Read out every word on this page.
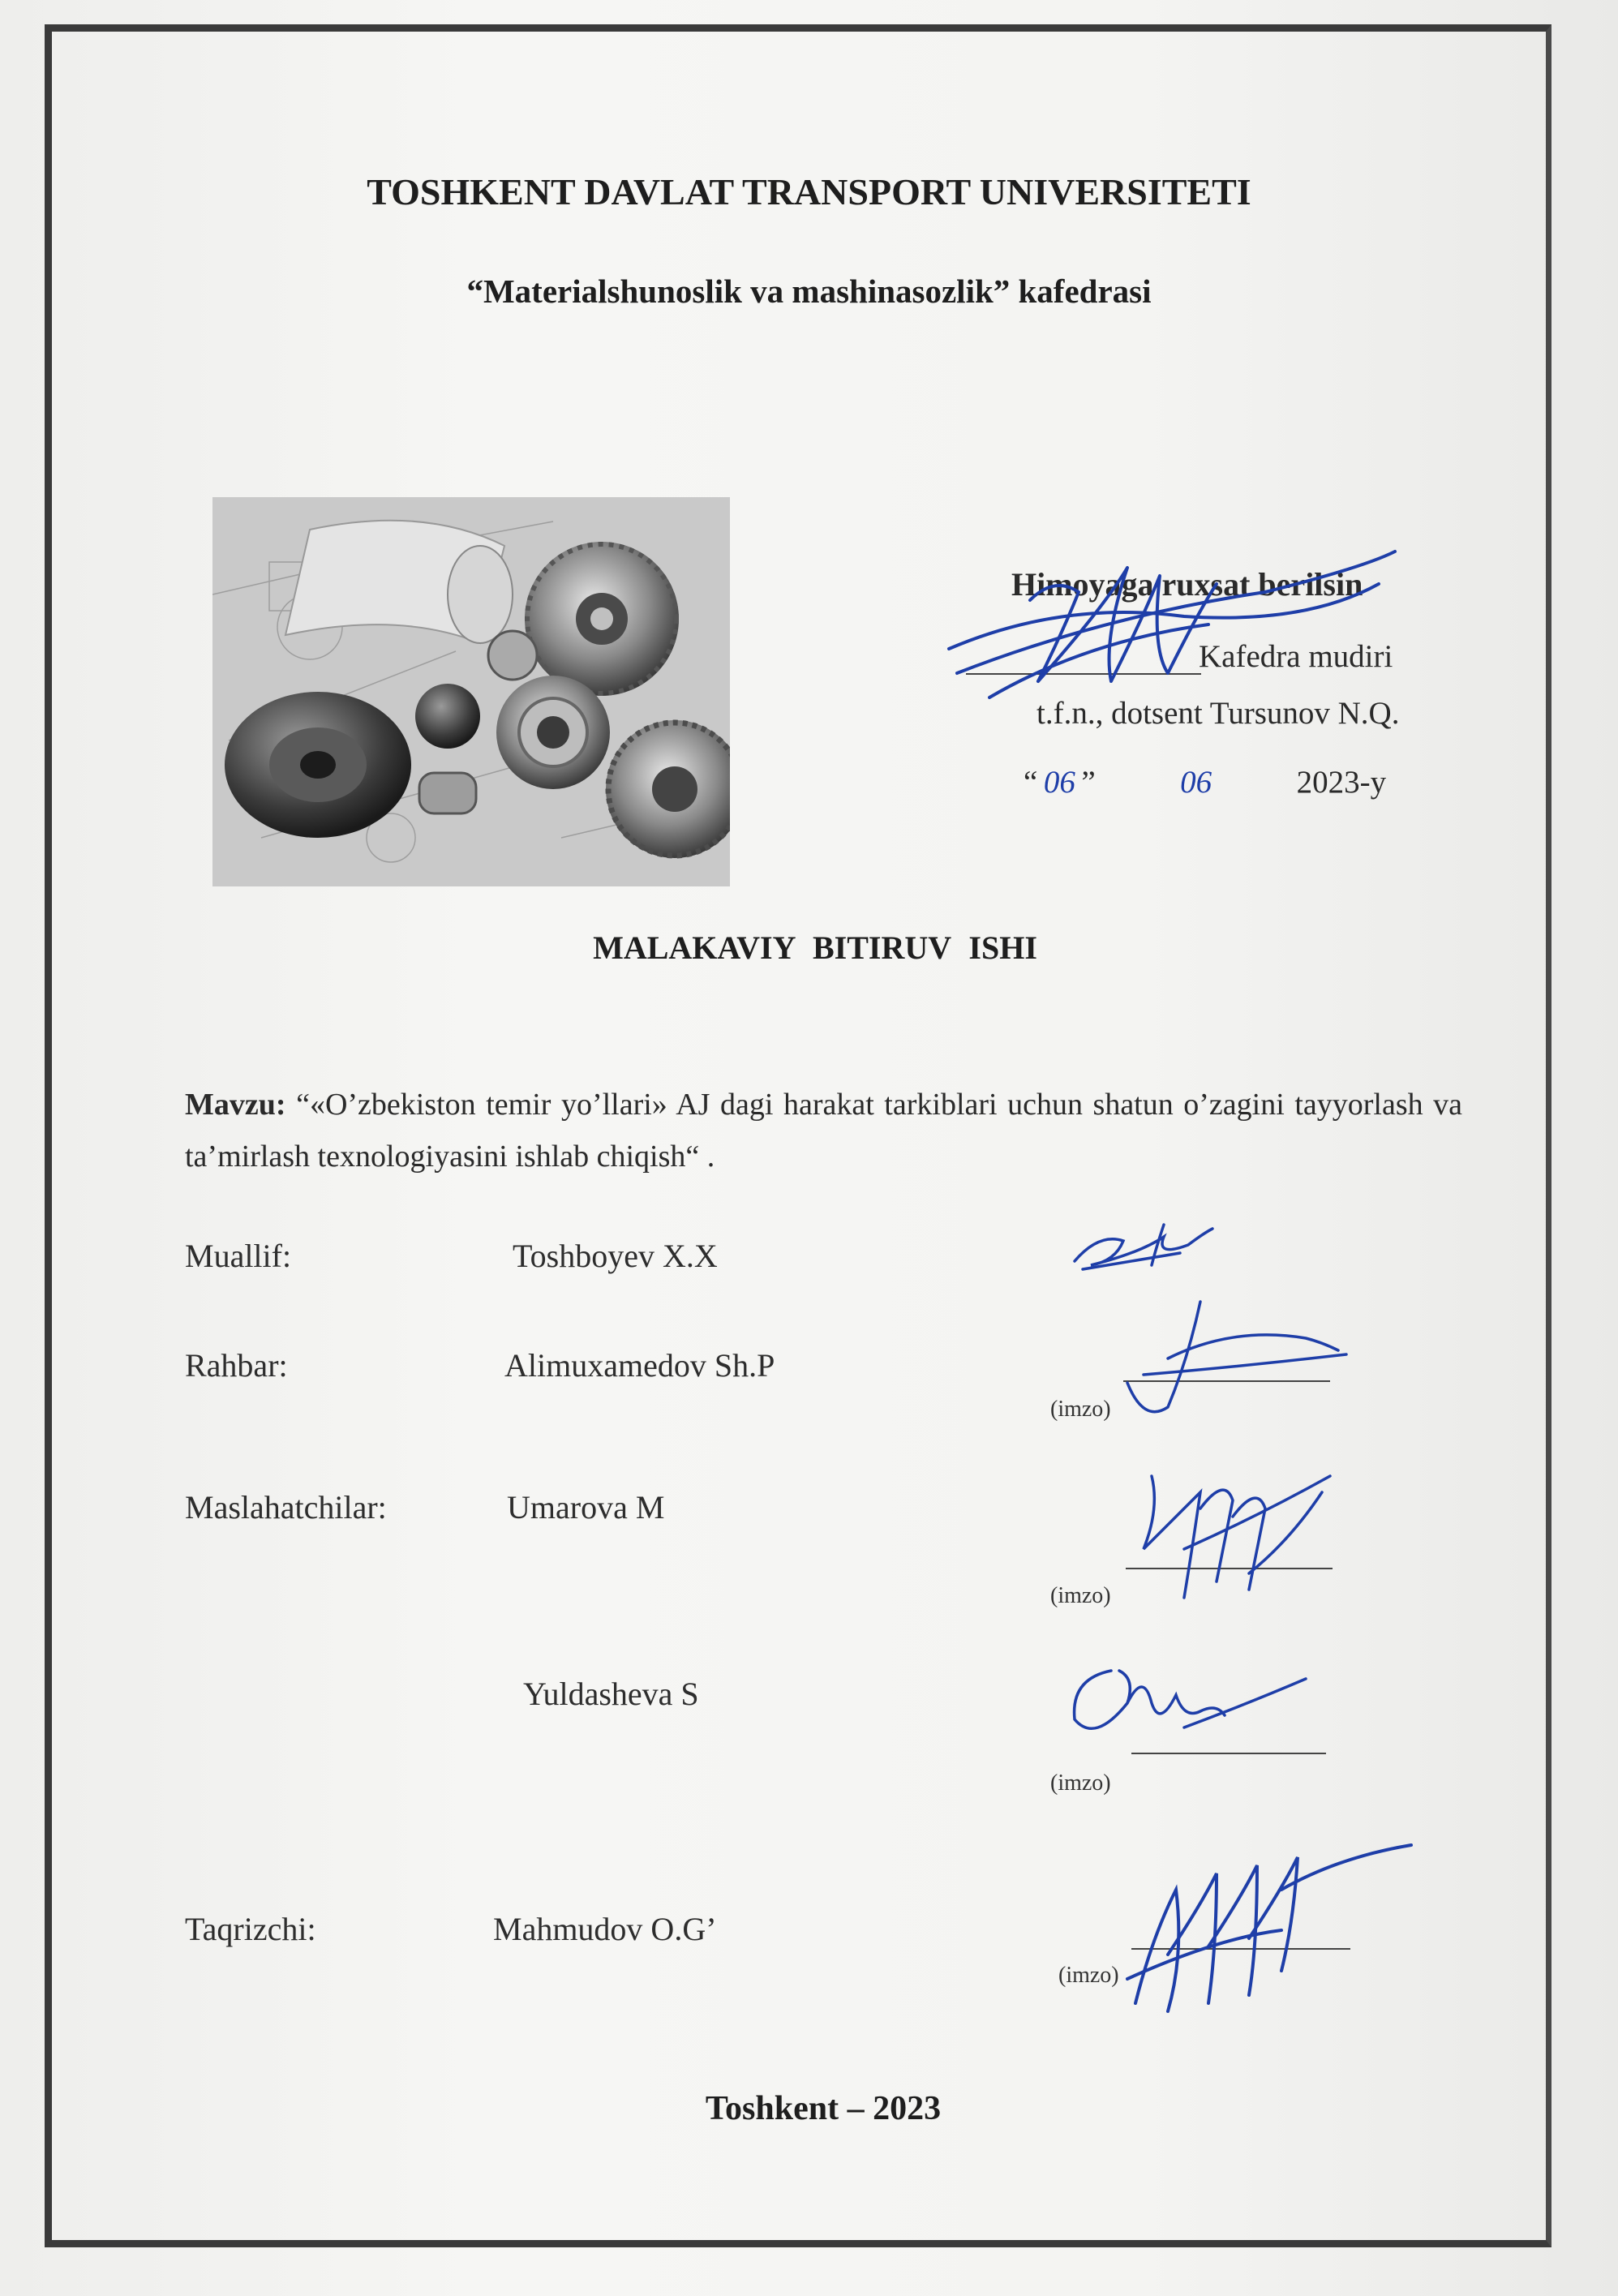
TOSHKENT DAVLAT TRANSPORT UNIVERSITETI
“Materialshunoslik va mashinasozlik” kafedrasi
Himoyaga ruxsat berilsin
Kafedra mudiri
t.f.n., dotsent Tursunov N.Q.
“ 06 ”	06	2023-y
MALAKAVIY BITIRUV ISHI
Mavzu: “«O’zbekiston temir yo’llari» AJ dagi harakat tarkiblari uchun shatun o’zagini tayyorlash va ta’mirlash texnologiyasini ishlab chiqish“ .
Muallif:	Toshboyev X.X
Rahbar:	Alimuxamedov Sh.P
(imzo)
Maslahatchilar:	Umarova M
(imzo)
Yuldasheva S
(imzo)
Taqrizchi:	Mahmudov O.G’
(imzo)
Toshkent – 2023
